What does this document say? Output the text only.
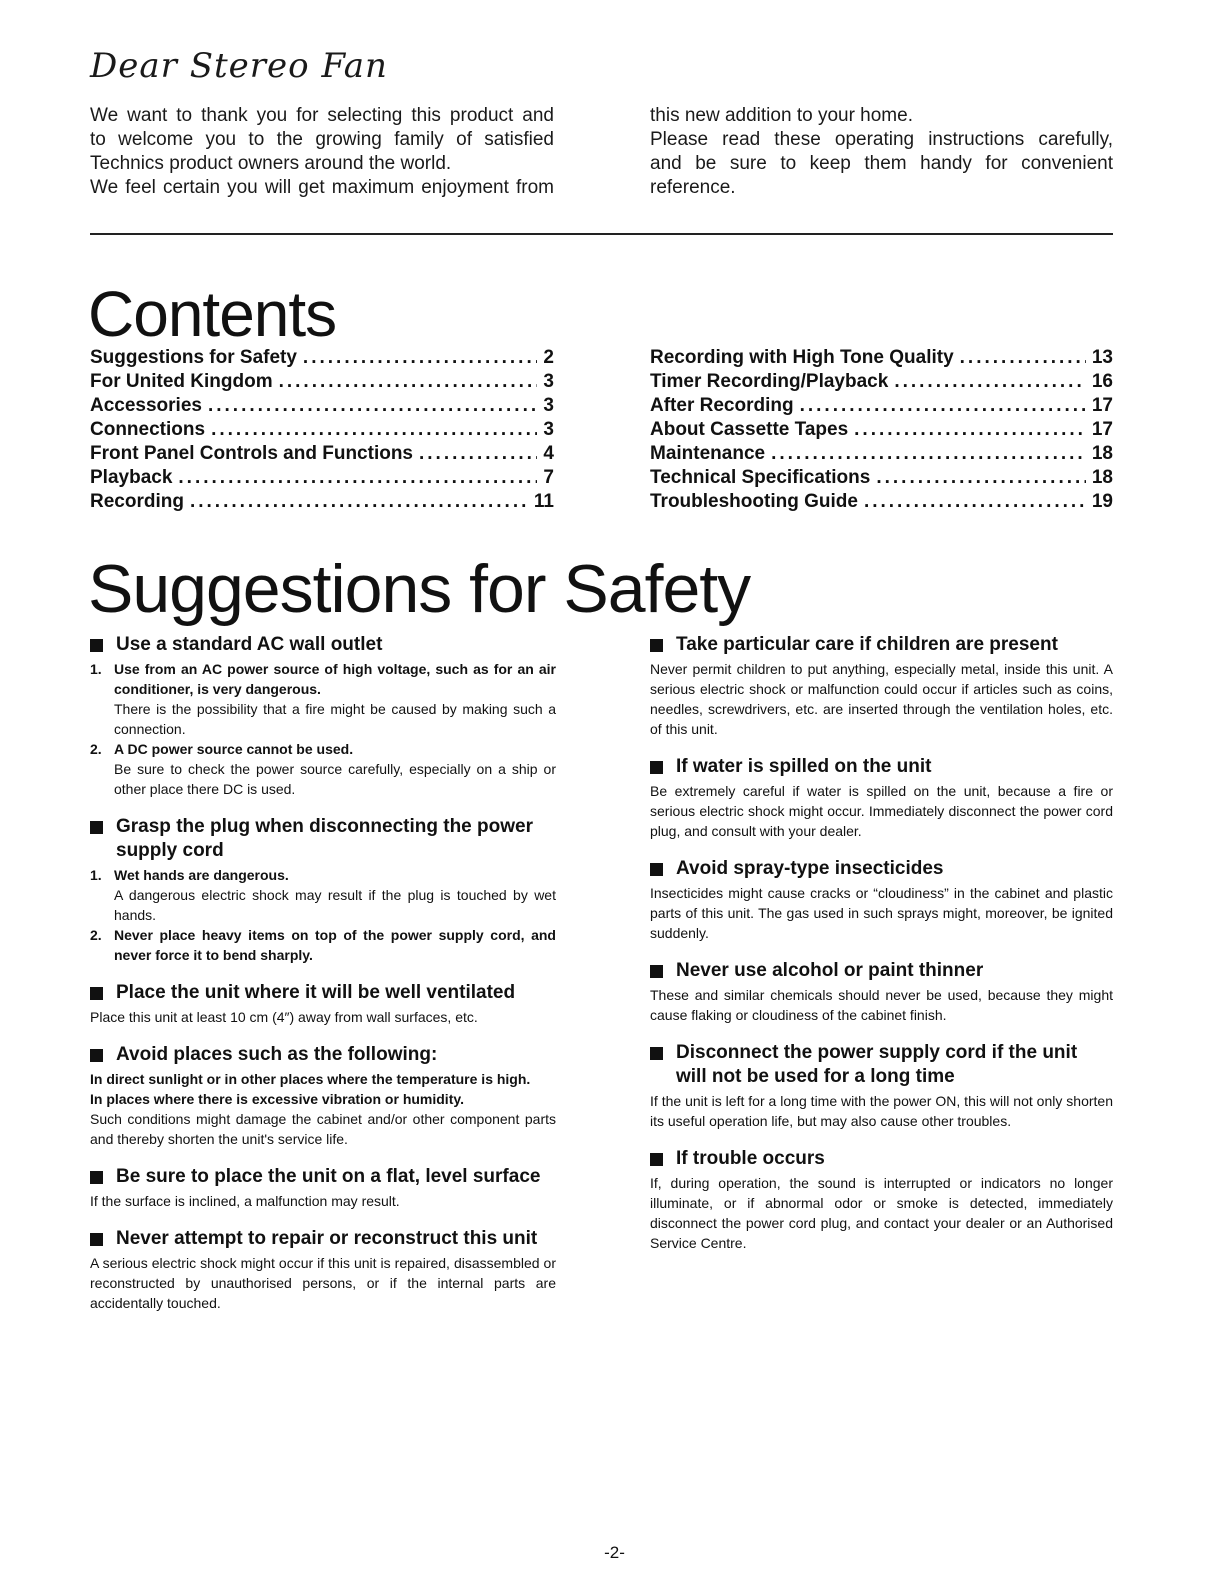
Dear Stereo Fan

We want to thank you for selecting this product and

to welcome you to the growing family of satisfied

Technics product owners around the world.

We feel certain you will get maximum enjoyment from

this new addition to your home.

Please read these operating instructions carefully,

and be sure to keep them handy for convenient

reference.

Contents
Suggestions for Safety .....	2
For United Kingdom .....	3
Accessories .....	3
Connections .....	3
Front Panel Controls and Functions .....	4
Playback .....	7
Recording .....	11
Recording with High Tone Quality .....	13
Timer Recording/Playback .....	16
After Recording .....	17
About Cassette Tapes .....	17
Maintenance .....	18
Technical Specifications .....	18
Troubleshooting Guide .....	19
Suggestions for Safety
Use a standard AC wall outlet
1. Use from an AC power source of high voltage, such as for an air conditioner, is very dangerous.
There is the possibility that a fire might be caused by making such a connection.
2. A DC power source cannot be used.
Be sure to check the power source carefully, especially on a ship or other place there DC is used.
Grasp the plug when disconnecting the power supply cord
1. Wet hands are dangerous.
A dangerous electric shock may result if the plug is touched by wet hands.
2. Never place heavy items on top of the power supply cord, and never force it to bend sharply.
Place the unit where it will be well ventilated
Place this unit at least 10 cm (4″) away from wall surfaces, etc.
Avoid places such as the following:
In direct sunlight or in other places where the temperature is high.
In places where there is excessive vibration or humidity.
Such conditions might damage the cabinet and/or other component parts and thereby shorten the unit's service life.
Be sure to place the unit on a flat, level surface
If the surface is inclined, a malfunction may result.
Never attempt to repair or reconstruct this unit
A serious electric shock might occur if this unit is repaired, disassembled or reconstructed by unauthorised persons, or if the internal parts are accidentally touched.
Take particular care if children are present
Never permit children to put anything, especially metal, inside this unit. A serious electric shock or malfunction could occur if articles such as coins, needles, screwdrivers, etc. are inserted through the ventilation holes, etc. of this unit.
If water is spilled on the unit
Be extremely careful if water is spilled on the unit, because a fire or serious electric shock might occur. Immediately disconnect the power cord plug, and consult with your dealer.
Avoid spray-type insecticides
Insecticides might cause cracks or “cloudiness” in the cabinet and plastic parts of this unit. The gas used in such sprays might, moreover, be ignited suddenly.
Never use alcohol or paint thinner
These and similar chemicals should never be used, because they might cause flaking or cloudiness of the cabinet finish.
Disconnect the power supply cord if the unit will not be used for a long time
If the unit is left for a long time with the power ON, this will not only shorten its useful operation life, but may also cause other troubles.
If trouble occurs
If, during operation, the sound is interrupted or indicators no longer illuminate, or if abnormal odor or smoke is detected, immediately disconnect the power cord plug, and contact your dealer or an Authorised Service Centre.
-2-
